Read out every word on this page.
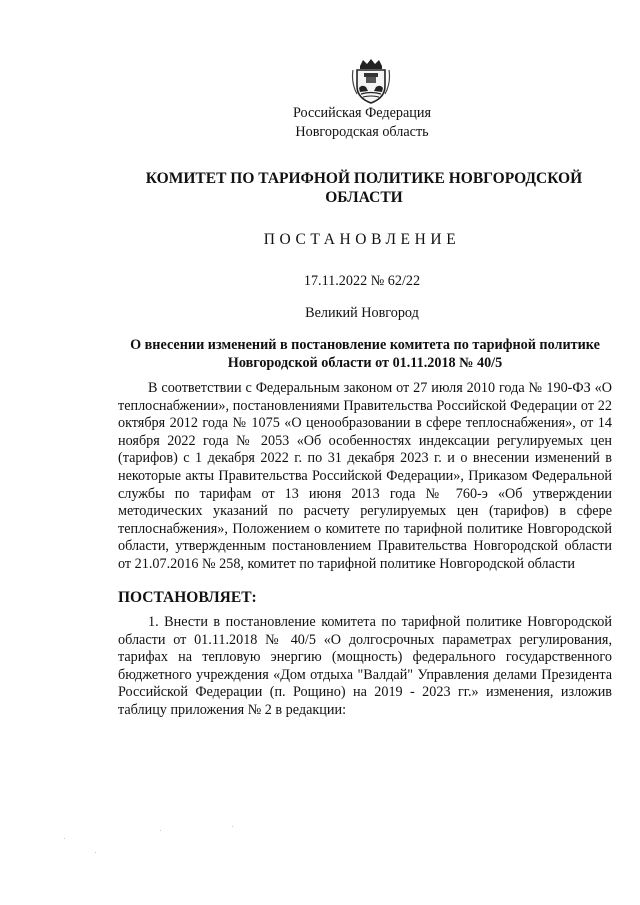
Российская Федерация
Новгородская область
КОМИТЕТ ПО ТАРИФНОЙ ПОЛИТИКЕ НОВГОРОДСКОЙ ОБЛАСТИ
ПОСТАНОВЛЕНИЕ
17.11.2022 № 62/22
Великий Новгород
О внесении изменений в постановление комитета по тарифной политике Новгородской области от 01.11.2018 № 40/5

В соответствии с Федеральным законом от 27 июля 2010 года № 190-ФЗ «О теплоснабжении», постановлениями Правительства Российской Федерации от 22 октября 2012 года № 1075 «О ценообразовании в сфере теплоснабжения», от 14 ноября 2022 года № 2053 «Об особенностях индексации регулируемых цен (тарифов) с 1 декабря 2022 г. по 31 декабря 2023 г. и о внесении изменений в некоторые акты Правительства Российской Федерации», Приказом Федеральной службы по тарифам от 13 июня 2013 года № 760-э «Об утверждении методических указаний по расчету регулируемых цен (тарифов) в сфере теплоснабжения», Положением о комитете по тарифной политике Новгородской области, утвержденным постановлением Правительства Новгородской области от 21.07.2016 № 258, комитет по тарифной политике Новгородской области

ПОСТАНОВЛЯЕТ:

1. Внести в постановление комитета по тарифной политике Новгородской области от 01.11.2018 № 40/5 «О долгосрочных параметрах регулирования, тарифах на тепловую энергию (мощность) федерального государственного бюджетного учреждения «Дом отдыха "Валдай" Управления делами Президента Российской Федерации (п. Рощино) на 2019 - 2023 гг.» изменения, изложив таблицу приложения № 2 в редакции:
